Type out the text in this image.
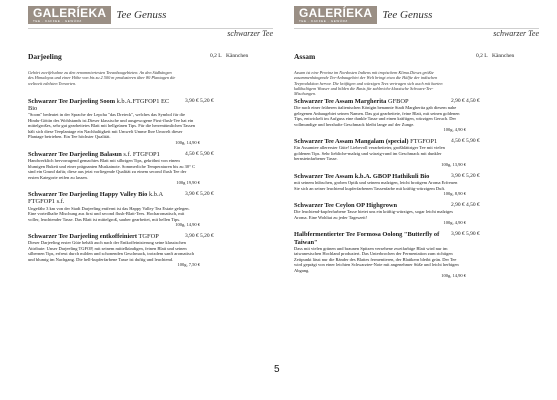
GALERÍEKA
TEE · KAFFEE · GEWÜRZ	Tee Genuss
schwarzer Tee
Darjeeling	0,2 L Kännchen
Gehört zweifelsohne zu den renommiertesten Teeanbaugebieten. An den Südhängen des Himalayas und einer Höhe von bis zu 2 500 m produzieren über 80 Plantagen die weltweit edelsten Teesorten.
Schwarzer Tee Darjeeling Soom k.b.A.FTGFOP1 EC Bio
3,90 € 5,20 €
"Soom" bedeutet in der Sprache der Lepcha "das Dreieck", welches das Symbol für die Hindu-Göttin des Wohlstands ist.Dieser klassische und ausgewogene First-flush-Tee hat ein mittelgroßes, sehr gut gearbeitetes Blatt mit hellgrünen Tips. Für die herrentümlichen Tassen hält sich diese Teeplantage ein Nachhaltigkeit mit Umwelt Umme Ihre Umwelt dieser Plantage betrieben. Ein Tee höchster Qualität.
100g, 14,90 €
Schwarzer Tee Darjeeling Balasun s.f. FTGFOP1	4,50 € 5,90 €
Handwerklich hervorragend gemachtes Blatt mit silbrigen Tips, gekröhnt von einem blumigen Bukett und einer prägnanten Muskatnote. Sommerliche Temperaturen bis zu 30° C sind ein Grund dafür, diese aus jetzt vorliegende Qualität zu einem second flush Tee der ersten Kategorie reifen zu lassen.
100g 19,90 €
Schwarzer Tee Darjeeling Happy Valley Bio k.b.A FTGFOP1 s.f.
3,90 € 5,20 €
Ungefähr 3 km von der Stadt Darjeeling entfernt ist das Happy Valley Tea Estate gelegen. Eine vorteilhafte Mischung aus first und second flush-Blatt-Tees. Hocharomatisch, mit voller, leuchtender Tasse. Das Blatt ist mittelgroß, sauber gearbeitet, mit hellen Tips.
100g, 14,90 €
Schwarzer Tee Darjeeling entkoffeiniert TGFOP	3,90 € 5,20 €
Dieser Darjeeling erster Güte behält auch nach der Entkoffeinisierung seine klassischen Attribute: Unser Darjeeling TGFOP, mit seinem mittelkündigen, feinen Blatt und seinen silbernen Tips, erfreut durch milden und schonenden Geschmack, trotzdem sanft aromatisch und blumig im Nachgang. Die hell-kupferfarbene Tasse ist duftig und leuchtend.
100g, 7,50 €
GALERÍEKA
TEE · KAFFEE · GEWÜRZ	Tee Genuss
schwarzer Tee
Assam	0,2 L Kännchen
Assam ist eine Provinz im Nordosten Indiens mit tropischem Klima.Dieses größte zusammenhängende Tee-Anbaugebiet der Welt bringt etwa die Hälfte der indischen Teeproduktion hervor. Die kräftigen und würzigen Tees vertragen sich auch mit harten kalkhaltigem Wasser und bilden die Basis für zahlreiche klassische Schwarz-Tee-Mischungen.
Schwarzer Tee Assam Margherita GFBOP	2,90 € 4,50 €
Die nach einer früheren italienischen Königin benannte Stadt Margherita gab diesem nahe gelegenen Anbaugebiet seinen Namen. Das gut gearbeitete, feine Blatt, mit seinen goldenen Tips, entwickelt im Aufguss eine dunkle Tasse und einen kräftigen, würzigen Geruch. Der vollmundige und herzhafte Geschmack bleibt lange auf der Zunge.
100g, 4,90 €
Schwarzer Tee Assam Mangalam (special) FTGFOP1	4,50 € 5,90 €
Ein Assamtee allererster Güte! Liebevoll verarbeiteter, großblättriger Tee mit vielen goldenen Tips. Sehr liebliche-malzig und würzig-rund im Geschmack mit dunkler bernsteinfarbener Tasse.
100g, 13,90 €
Schwarzer Tee Assam k.b.A. GBOP Hathikuli Bio	3,90 € 5,20 €
mit seinem hübschen, groben Optik und seinem malzigen, leicht brotigem Aroma Erfreuen Sie sich an seiner leuchtend kupferfarbenen Tassenfarbe mit kräftig-würzigem Duft.
100g, 8,90 €
Schwarzer Tee Ceylon OP Highgrown	2,90 € 4,50 €
Die leuchtend-kupferfarbene Tasse bietet uns ein kräftig-würziges, sogar leicht malziges Aroma. Eine Wohltat zu jeder Tageszeit!
100g, 4,90 €
Halbfermentierter Tee Formosa Oolong "Butterfly of Taiwan"
3,90 € 5,90 €
Dass mit vielen grünen und braunen Spitzen versehene zweifarbige Blatt wird nur im taiwanesischen Hochland produziert. Das Unterbrochen der Fermentation zum richtigen Zeitpunkt lässt nur die Ränder des Blattes fermentieren, der Blattkern bleibt grün. Der Tee wird geprägt von einer leichten Schwarztee-Note mit angenehmer Süße und leicht herbigen Abgang.
100g, 14,90 €
5
